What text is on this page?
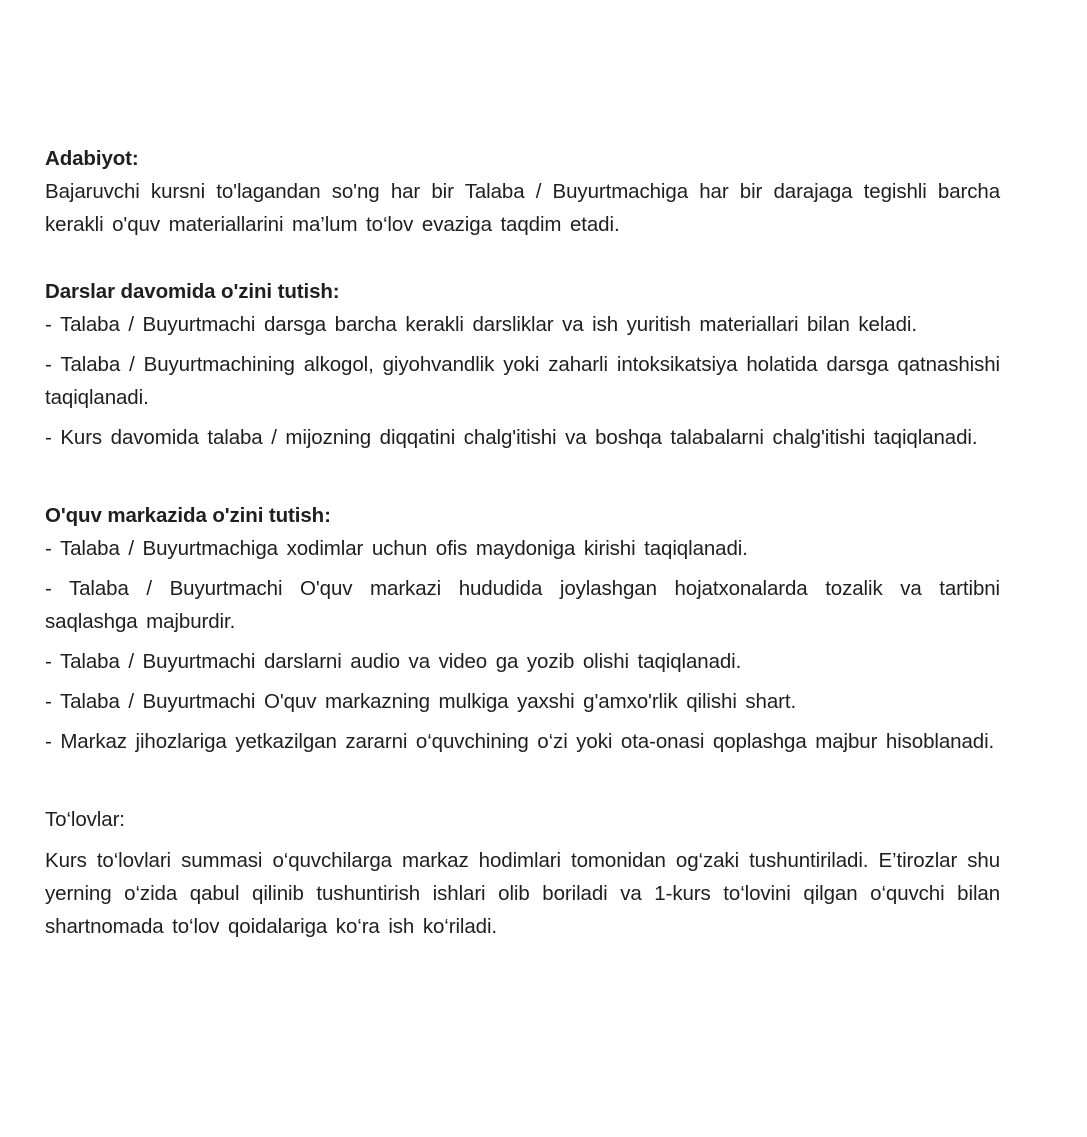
Adabiyot:

Bajaruvchi kursni to'lagandan so'ng har bir Talaba / Buyurtmachiga har bir darajaga tegishli barcha kerakli o'quv materiallarini ma’lum to‘lov evaziga taqdim etadi.

Darslar davomida o'zini tutish:

- Talaba / Buyurtmachi darsga barcha kerakli darsliklar va ish yuritish materiallari bilan keladi.

- Talaba / Buyurtmachining alkogol, giyohvandlik yoki zaharli intoksikatsiya holatida darsga qatnashishi taqiqlanadi.

- Kurs davomida talaba / mijozning diqqatini chalg'itishi va boshqa talabalarni chalg'itishi taqiqlanadi.

O'quv markazida o'zini tutish:

- Talaba / Buyurtmachiga xodimlar uchun ofis maydoniga kirishi taqiqlanadi.

- Talaba / Buyurtmachi O'quv markazi hududida joylashgan hojatxonalarda tozalik va tartibni saqlashga majburdir.

- Talaba / Buyurtmachi darslarni audio va video ga yozib olishi taqiqlanadi.

- Talaba / Buyurtmachi O'quv markazning mulkiga yaxshi g'amxo'rlik qilishi shart.

- Markaz jihozlariga yetkazilgan zararni o‘quvchining o‘zi yoki ota-onasi qoplashga majbur hisoblanadi.

To‘lovlar:

Kurs to‘lovlari summasi o‘quvchilarga markaz hodimlari tomonidan og‘zaki tushuntiriladi. E’tirozlar shu yerning o‘zida qabul qilinib tushuntirish ishlari olib boriladi va 1-kurs to‘lovini qilgan o‘quvchi bilan shartnomada to‘lov qoidalariga ko‘ra ish ko‘riladi.
